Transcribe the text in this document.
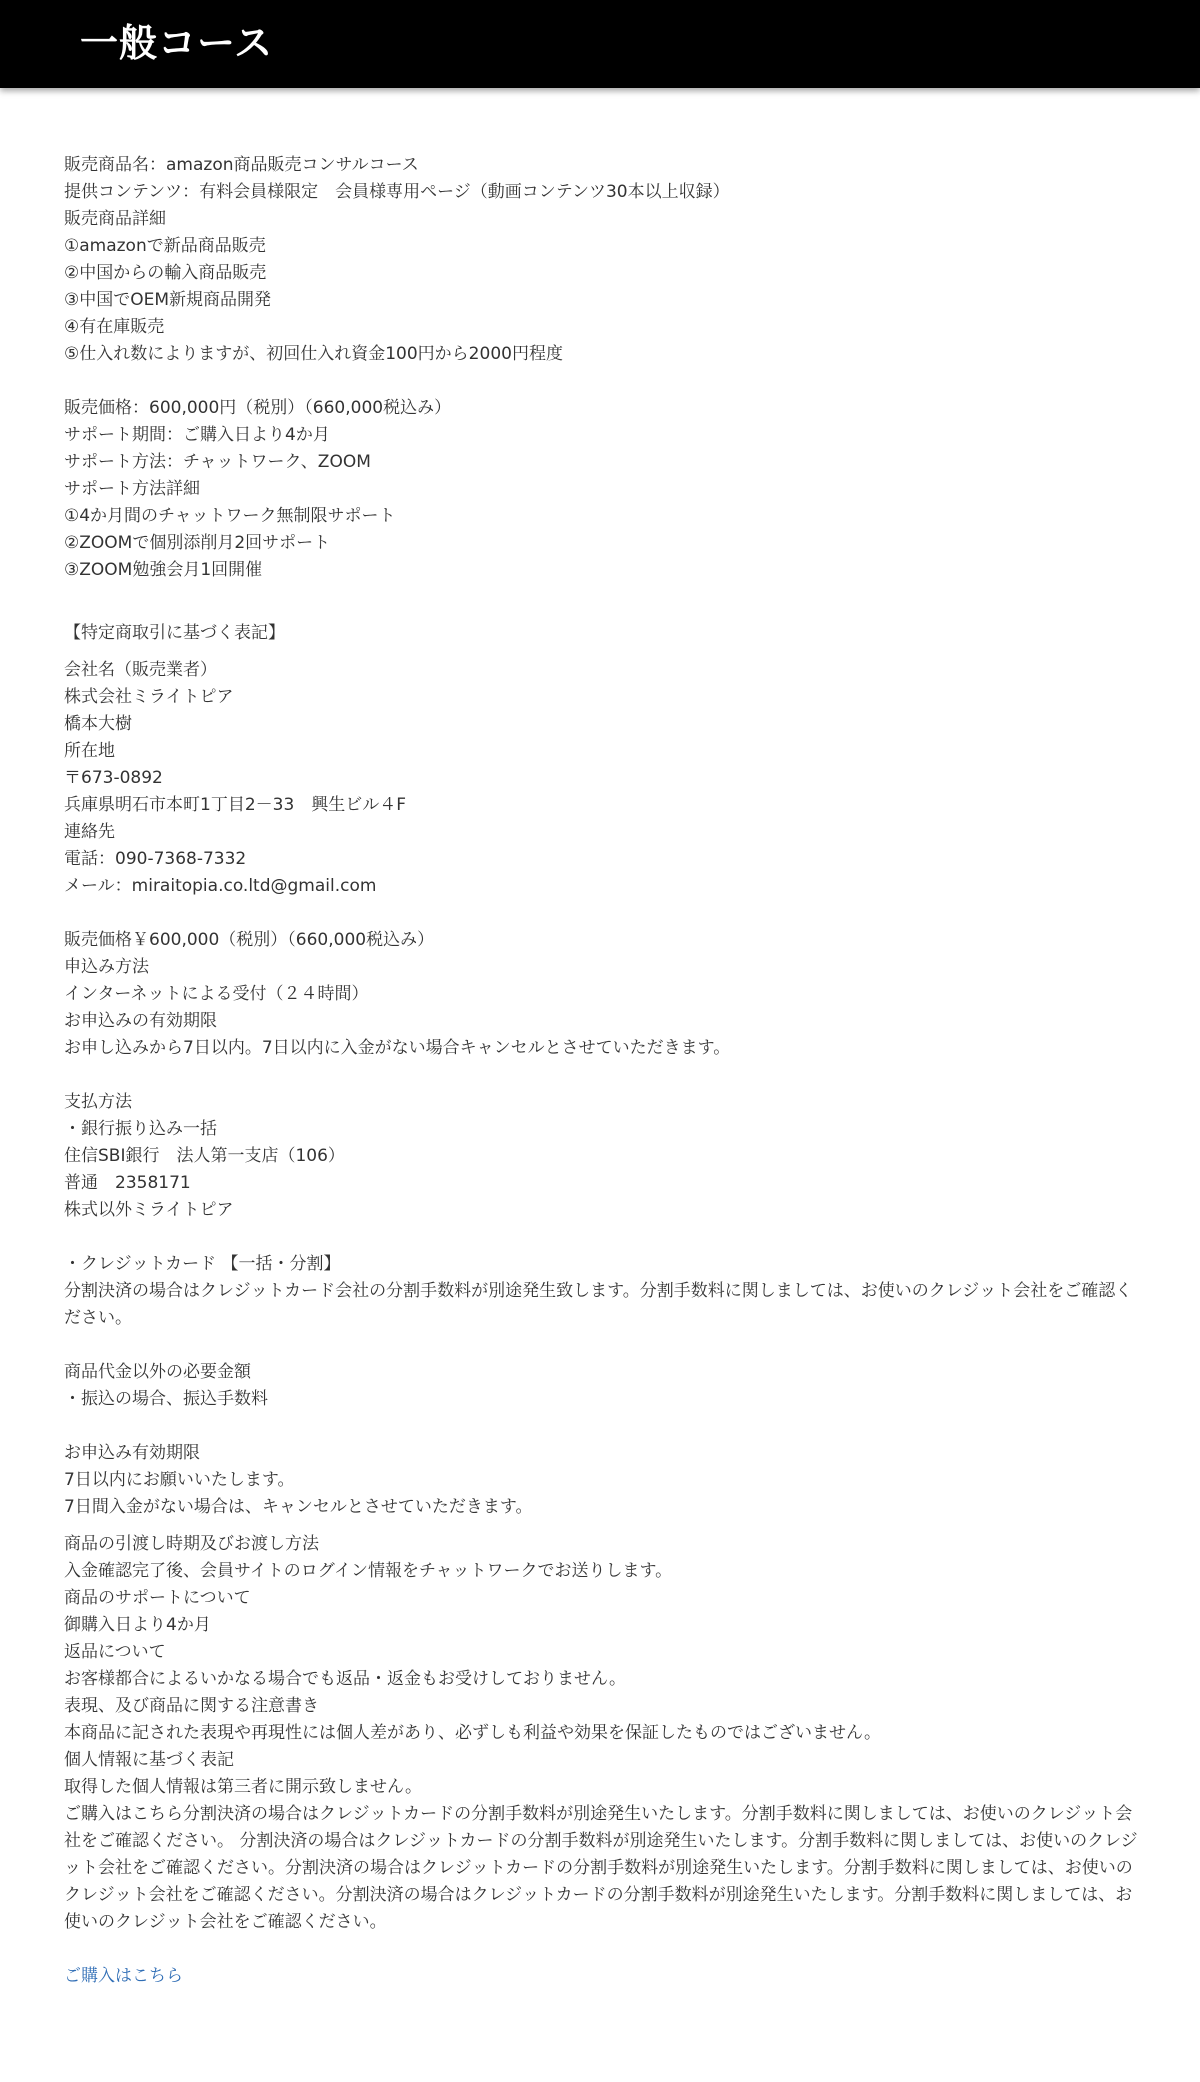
一般コース
販売商品名：amazon商品販売コンサルコース
提供コンテンツ：有料会員様限定　会員様専用ページ（動画コンテンツ30本以上収録）
販売商品詳細
①amazonで新品商品販売
②中国からの輸入商品販売
③中国でOEM新規商品開発
④有在庫販売
⑤仕入れ数によりますが、初回仕入れ資金100円から2000円程度
販売価格：600,000円（税別）（660,000税込み）
サポート期間：ご購入日より4か月
サポート方法：チャットワーク、ZOOM
サポート方法詳細
①4か月間のチャットワーク無制限サポート
②ZOOMで個別添削月2回サポート
③ZOOM勉強会月1回開催
【特定商取引に基づく表記】
会社名（販売業者）
株式会社ミライトピア
橋本大樹
所在地
〒673-0892
兵庫県明石市本町1丁目2－33　興生ビル４F
連絡先
電話：090-7368-7332
メール：miraitopia.co.ltd@gmail.com
販売価格￥600,000（税別）（660,000税込み）
申込み方法
インターネットによる受付（２４時間）
お申込みの有効期限
お申し込みから7日以内。7日以内に入金がない場合キャンセルとさせていただきます。
支払方法
・銀行振り込み一括
住信SBI銀行　法人第一支店（106）
普通　2358171
株式以外ミライトピア
・クレジットカード 【一括・分割】
分割決済の場合はクレジットカード会社の分割手数料が別途発生致します。分割手数料に関しましては、お使いのクレジット会社をご確認ください。
商品代金以外の必要金額
・振込の場合、振込手数料
お申込み有効期限
7日以内にお願いいたします。
7日間入金がない場合は、キャンセルとさせていただきます。
商品の引渡し時期及びお渡し方法
入金確認完了後、会員サイトのログイン情報をチャットワークでお送りします。
商品のサポートについて
御購入日より4か月
返品について
お客様都合によるいかなる場合でも返品・返金もお受けしておりません。
表現、及び商品に関する注意書き
本商品に記された表現や再現性には個人差があり、必ずしも利益や効果を保証したものではございません。
個人情報に基づく表記
取得した個人情報は第三者に開示致しません。
ご購入はこちら分割決済の場合はクレジットカードの分割手数料が別途発生いたします。分割手数料に関しましては、お使いのクレジット会社をご確認ください。 分割決済の場合はクレジットカードの分割手数料が別途発生いたします。分割手数料に関しましては、お使いのクレジット会社をご確認ください。分割決済の場合はクレジットカードの分割手数料が別途発生いたします。分割手数料に関しましては、お使いのクレジット会社をご確認ください。分割決済の場合はクレジットカードの分割手数料が別途発生いたします。分割手数料に関しましては、お使いのクレジット会社をご確認ください。
ご購入はこちら
